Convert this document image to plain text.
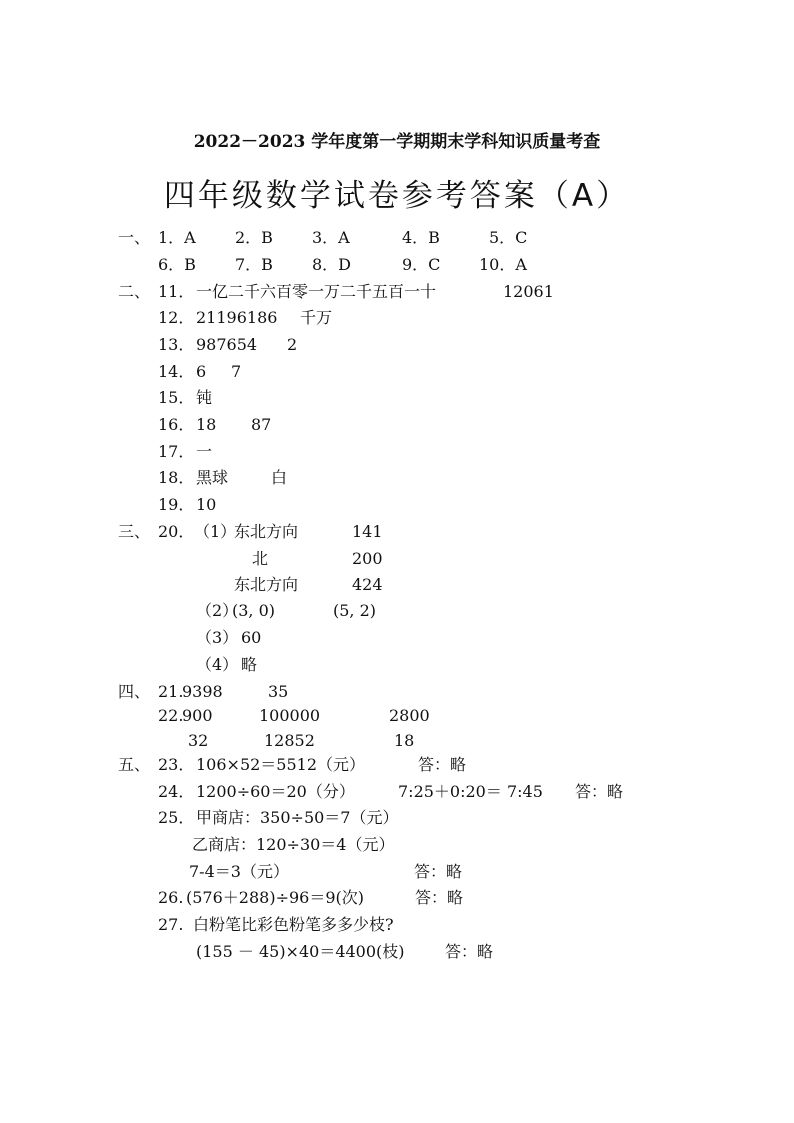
2022－2023 学年度第一学期期末学科知识质量考查
四年级数学试卷参考答案（A）
一、 1．A 2．B 3．A	4．B	5．C
6．B 7．B 8．D	9．C 10．A
二、 11． 一亿二千六百零一万二千五百一十	12061
12． 21196186 千万
13． 987654 2
14． 6 7
15． 钝
16． 18 87
17． 一
18． 黑球	白
19． 10
三、 20． （1）
东北方向	141
北	200
东北方向	424
（2）
(3, 0)	(5, 2)
（3） 60
（4） 略
四、 21.
9398	35
22.
900	100000	2800
32	12852	18
五、 23． 106×52＝5512（元）	答：略
24． 1200÷60＝20（分）	7:25＋0:20＝ 7:45 答：略
25． 甲商店：350÷50＝7（元）
乙商店：120÷30＝4（元）
7-4＝3（元）	答：略
26. (576＋288)÷96＝9(次)	答：略
27. 白粉笔比彩色粉笔多多少枝?
(155 － 45)×40＝4400(枝)	答：略
